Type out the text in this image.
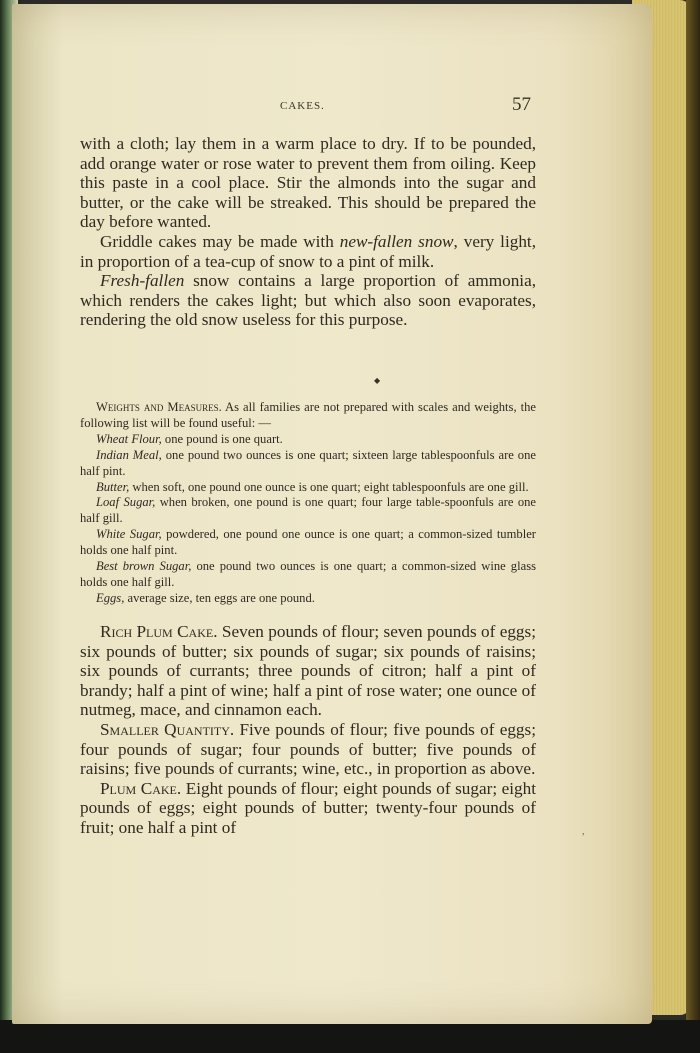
CAKES.	57

with a cloth; lay them in a warm place to dry. If to be pounded, add orange water or rose water to prevent them from oiling. Keep this paste in a cool place. Stir the almonds into the sugar and butter, or the cake will be streaked. This should be prepared the day before wanted.

Griddle cakes may be made with new-fallen snow, very light, in proportion of a tea-cup of snow to a pint of milk.

Fresh-fallen snow contains a large proportion of ammonia, which renders the cakes light; but which also soon evaporates, rendering the old snow useless for this purpose.

◆

Weights and Measures. As all families are not prepared with scales and weights, the following list will be found useful: —

Wheat Flour, one pound is one quart.

Indian Meal, one pound two ounces is one quart; sixteen large tablespoonfuls are one half pint.

Butter, when soft, one pound one ounce is one quart; eight tablespoonfuls are one gill.

Loaf Sugar, when broken, one pound is one quart; four large table-spoonfuls are one half gill.

White Sugar, powdered, one pound one ounce is one quart; a common-sized tumbler holds one half pint.

Best brown Sugar, one pound two ounces is one quart; a common-sized wine glass holds one half gill.

Eggs, average size, ten eggs are one pound.

Rich Plum Cake. Seven pounds of flour; seven pounds of eggs; six pounds of butter; six pounds of sugar; six pounds of raisins; six pounds of currants; three pounds of citron; half a pint of brandy; half a pint of wine; half a pint of rose water; one ounce of nutmeg, mace, and cinnamon each.

Smaller Quantity. Five pounds of flour; five pounds of eggs; four pounds of sugar; four pounds of butter; five pounds of raisins; five pounds of currants; wine, etc., in proportion as above.

Plum Cake. Eight pounds of flour; eight pounds of sugar; eight pounds of eggs; eight pounds of butter; twenty-four pounds of fruit; one half a pint of	,
